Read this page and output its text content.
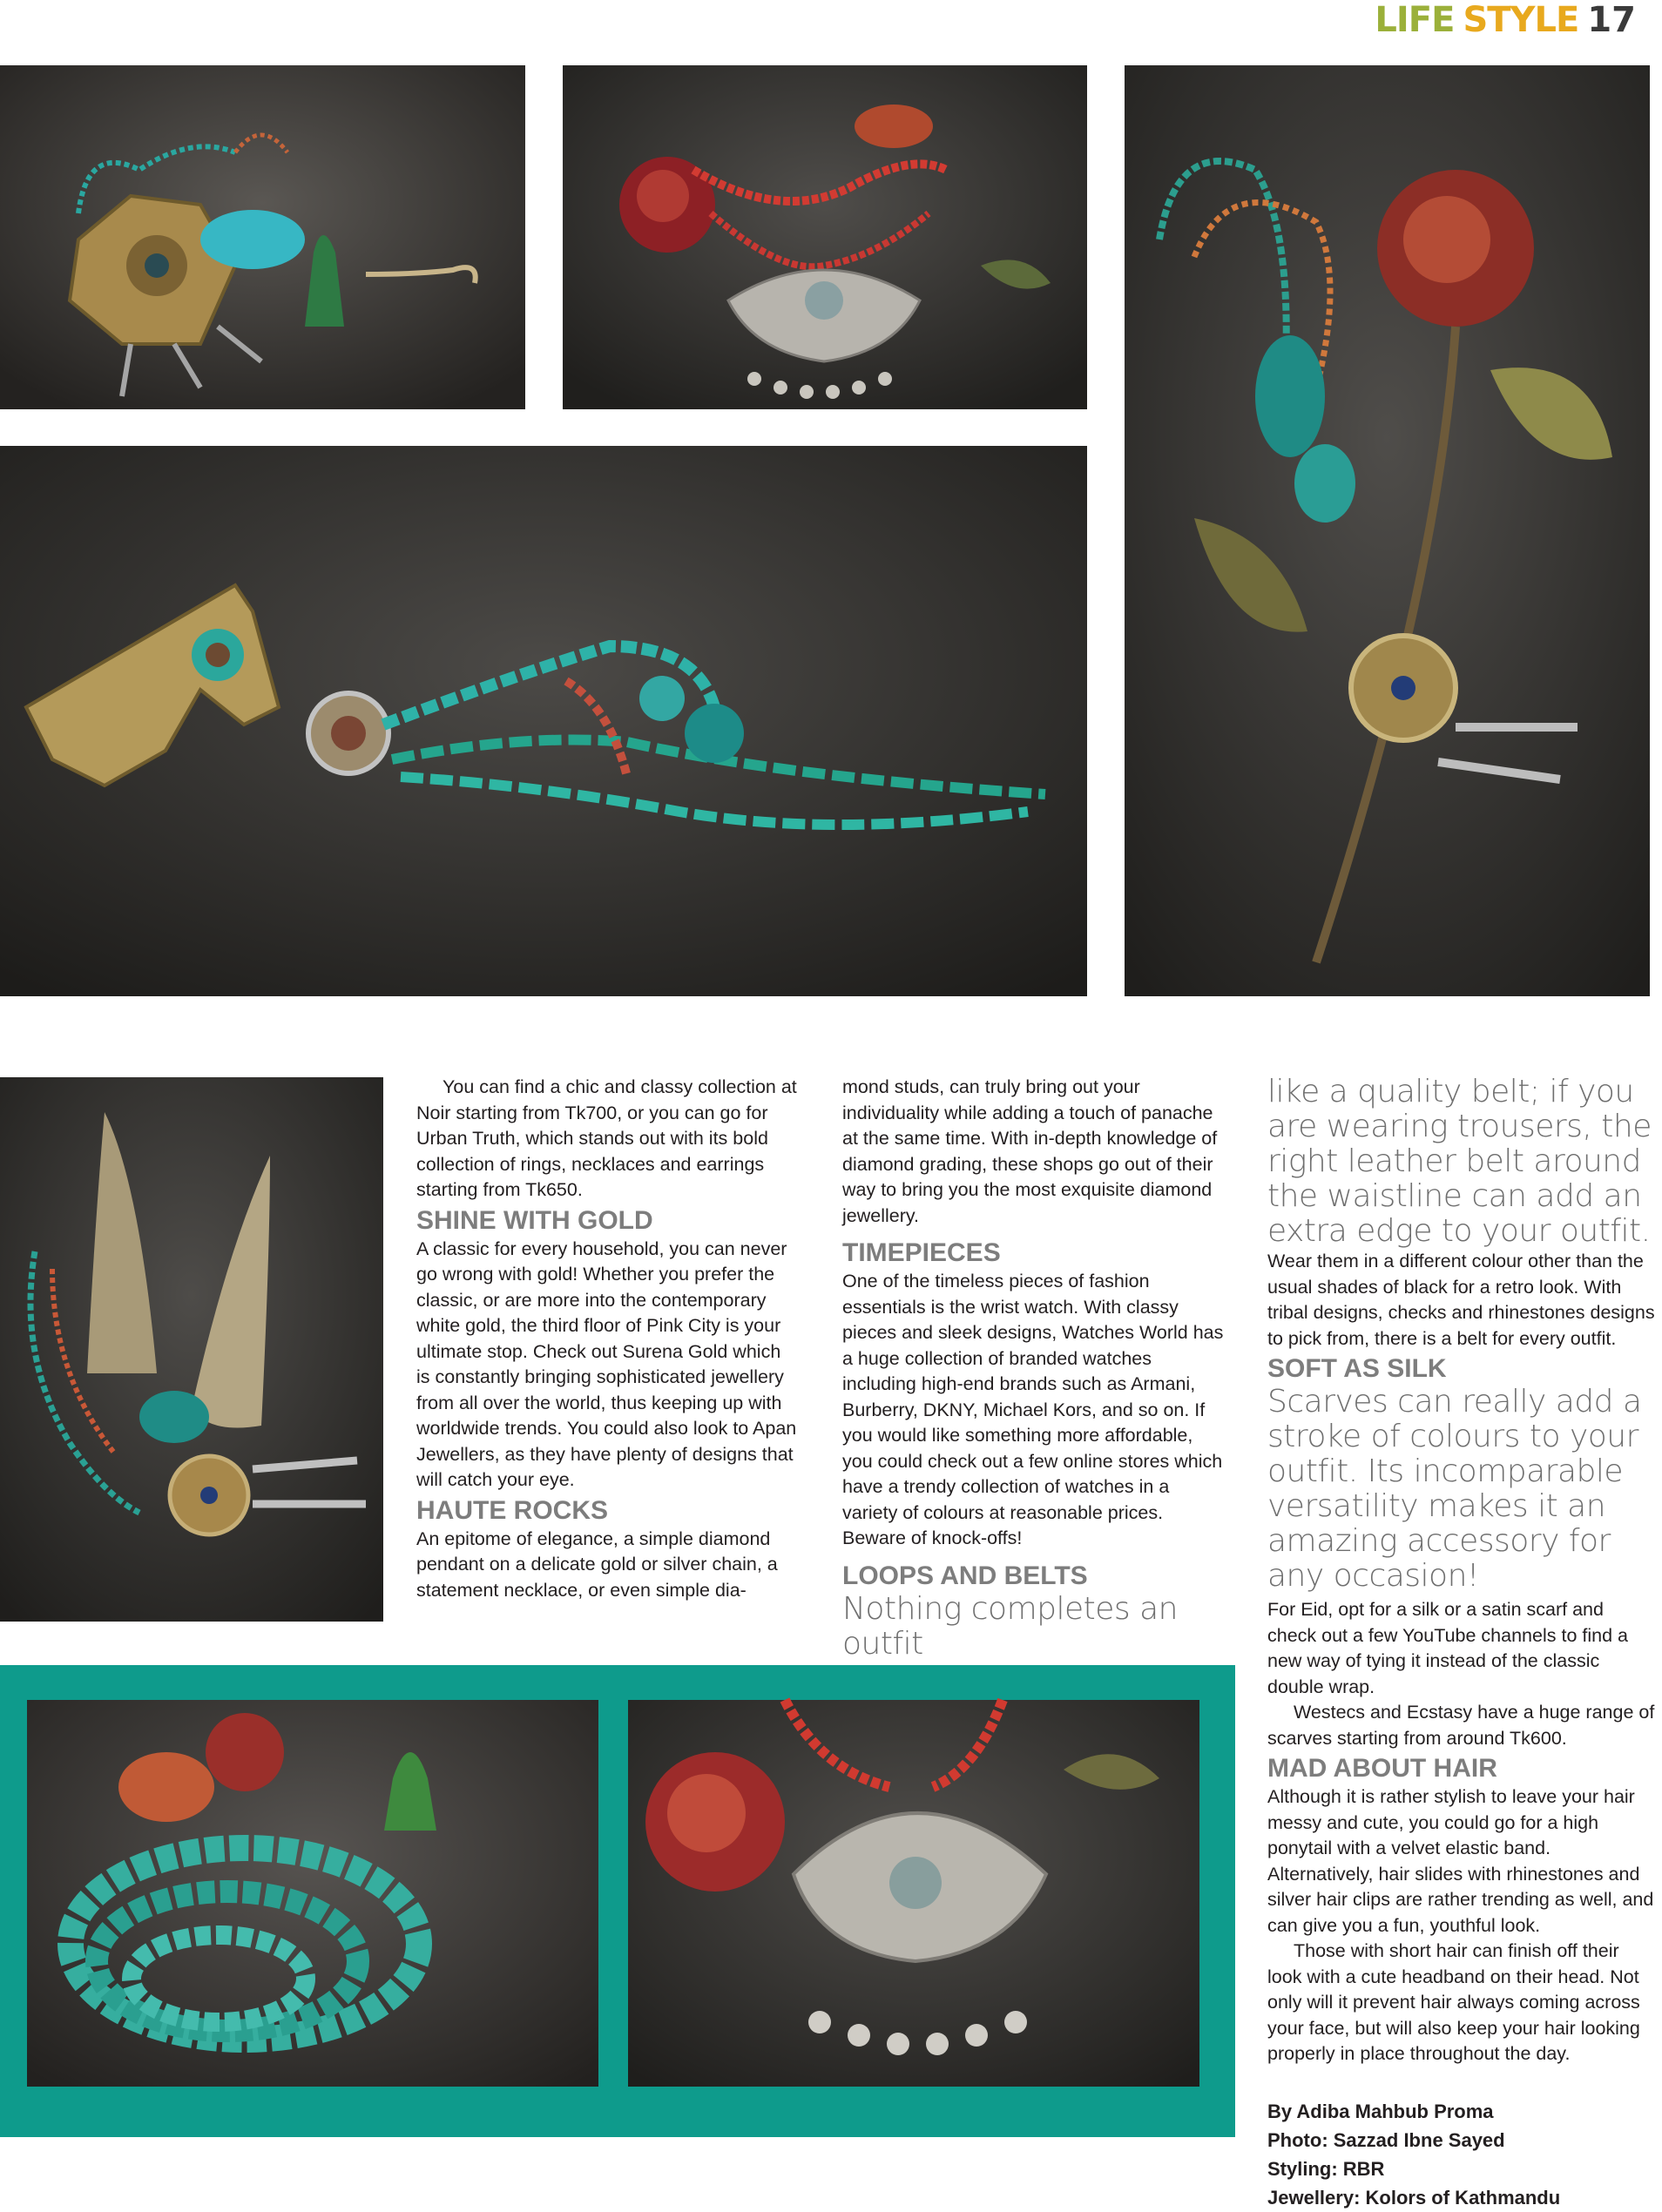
LIFE STYLE 17

You can find a chic and classy collection at Noir starting from Tk700, or you can go for Urban Truth, which stands out with its bold collection of rings, necklaces and earrings starting from Tk650.

SHINE WITH GOLD

A classic for every household, you can never go wrong with gold! Whether you prefer the classic, or are more into the contemporary white gold, the third floor of Pink City is your ultimate stop. Check out Surena Gold which is constantly bringing sophisticated jewellery from all over the world, thus keeping up with worldwide trends. You could also look to Apan Jewellers, as they have plenty of designs that will catch your eye.

HAUTE ROCKS

An epitome of elegance, a simple diamond pendant on a delicate gold or silver chain, a statement necklace, or even simple dia-

mond studs, can truly bring out your individuality while adding a touch of panache at the same time. With in-depth knowledge of diamond grading, these shops go out of their way to bring you the most exquisite diamond jewellery.

TIMEPIECES

One of the timeless pieces of fashion essentials is the wrist watch. With classy pieces and sleek designs, Watches World has a huge collection of branded watches including high-end brands such as Armani, Burberry, DKNY, Michael Kors, and so on. If you would like something more affordable, you could check out a few online stores which have a trendy collection of watches in a variety of colours at reasonable prices. Beware of knock-offs!

LOOPS AND BELTS

Nothing completes an outfit

like a quality belt; if you are wearing trousers, the right leather belt around the waistline can add an extra edge to your outfit.

Wear them in a different colour other than the usual shades of black for a retro look. With tribal designs, checks and rhinestones designs to pick from, there is a belt for every outfit.

SOFT AS SILK

Scarves can really add a stroke of colours to your outfit. Its incomparable versatility makes it an amazing accessory for any occasion!

For Eid, opt for a silk or a satin scarf and check out a few YouTube channels to find a new way of tying it instead of the classic double wrap.

Westecs and Ecstasy have a huge range of scarves starting from around Tk600.

MAD ABOUT HAIR

Although it is rather stylish to leave your hair messy and cute, you could go for a high ponytail with a velvet elastic band. Alternatively, hair slides with rhinestones and silver hair clips are rather trending as well, and can give you a fun, youthful look.

Those with short hair can finish off their look with a cute headband on their head. Not only will it prevent hair always coming across your face, but will also keep your hair looking properly in place throughout the day.

By Adiba Mahbub Proma
Photo: Sazzad Ibne Sayed
Styling: RBR
Jewellery: Kolors of Kathmandu
